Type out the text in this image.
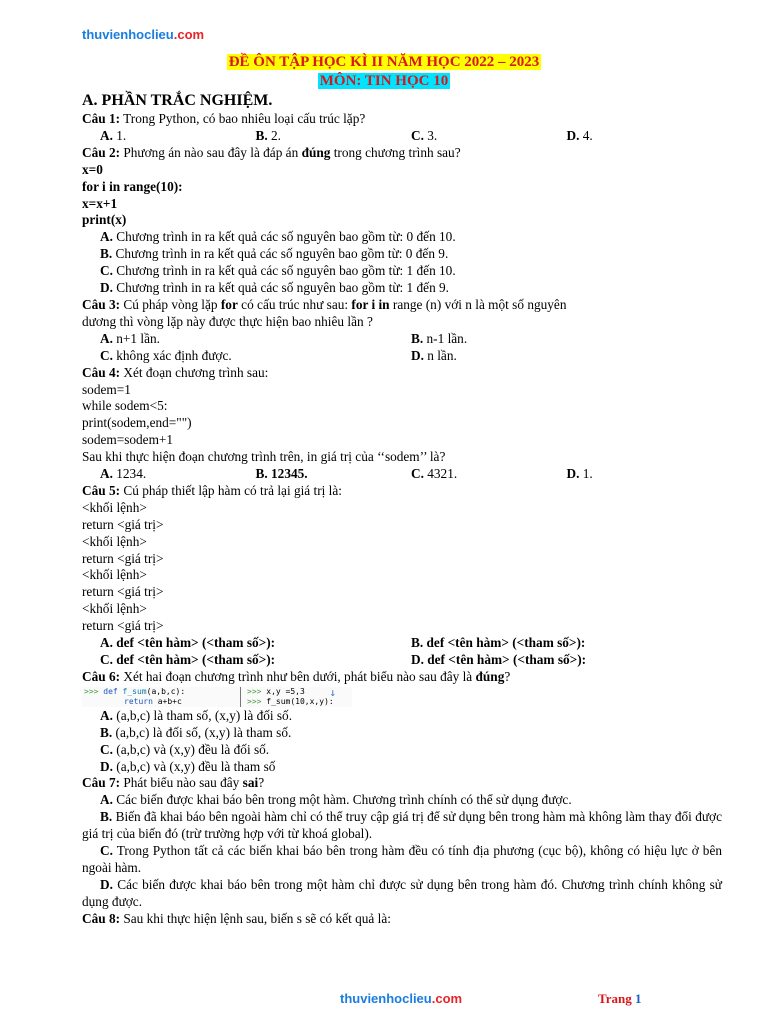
thuvienhoclieu.com
ĐỀ ÔN TẬP HỌC KÌ II NĂM HỌC 2022 – 2023
MÔN: TIN HỌC 10
A. PHẦN TRẮC NGHIỆM.
Câu 1: Trong Python, có bao nhiêu loại cấu trúc lặp?
A. 1.	B. 2.	C. 3.	D. 4.
Câu 2: Phương án nào sau đây là đáp án đúng trong chương trình sau?
x=0
for i in range(10):
x=x+1
print(x)
A. Chương trình in ra kết quả các số nguyên bao gồm từ: 0 đến 10.
B. Chương trình in ra kết quả các số nguyên bao gồm từ: 0 đến 9.
C. Chương trình in ra kết quả các số nguyên bao gồm từ: 1 đến 10.
D. Chương trình in ra kết quả các số nguyên bao gồm từ: 1 đến 9.
Câu 3: Cú pháp vòng lặp for có cấu trúc như sau: for i in range (n) với n là một số nguyên
dương thì vòng lặp này được thực hiện bao nhiêu lần ?
A. n+1 lần.	B. n-1 lần.
C. không xác định được.	D. n lần.
Câu 4: Xét đoạn chương trình sau:
sodem=1
while sodem<5:
print(sodem,end="")
sodem=sodem+1
Sau khi thực hiện đoạn chương trình trên, in giá trị của ‘‘sodem’’ là?
A. 1234.	B. 12345.	C. 4321.	D. 1.
Câu 5: Cú pháp thiết lập hàm có trả lại giá trị là:
<khối lệnh>
return <giá trị>
<khối lệnh>
return <giá trị>
<khối lệnh>
return <giá trị>
<khối lệnh>
return <giá trị>
A. def <tên hàm> (<tham số>):	B. def <tên hàm> (<tham số>):
C. def <tên hàm> (<tham số>):	D. def <tên hàm> (<tham số>):
Câu 6: Xét hai đoạn chương trình như bên dưới, phát biểu nào sau đây là đúng?
>>> def f_sum(a,b,c):
return a+b+c
>>> x,y =5,3
>>> f_sum(10,x,y):
↓
A. (a,b,c) là tham số, (x,y) là đối số.
B. (a,b,c) là đối số, (x,y) là tham số.
C. (a,b,c) và (x,y) đều là đối số.
D. (a,b,c) và (x,y) đều là tham số
Câu 7: Phát biểu nào sau đây sai?
A. Các biến được khai báo bên trong một hàm. Chương trình chính có thể sử dụng được.
B. Biến đã khai báo bên ngoài hàm chỉ có thể truy cập giá trị để sử dụng bên trong hàm mà không làm thay đổi được giá trị của biến đó (trừ trường hợp với từ khoá global).
C. Trong Python tất cả các biến khai báo bên trong hàm đều có tính địa phương (cục bộ), không có hiệu lực ở bên ngoài hàm.
D. Các biến được khai báo bên trong một hàm chỉ được sử dụng bên trong hàm đó. Chương trình chính không sử dụng được.
Câu 8: Sau khi thực hiện lệnh sau, biến s sẽ có kết quả là:
thuvienhoclieu.com	Trang 1
